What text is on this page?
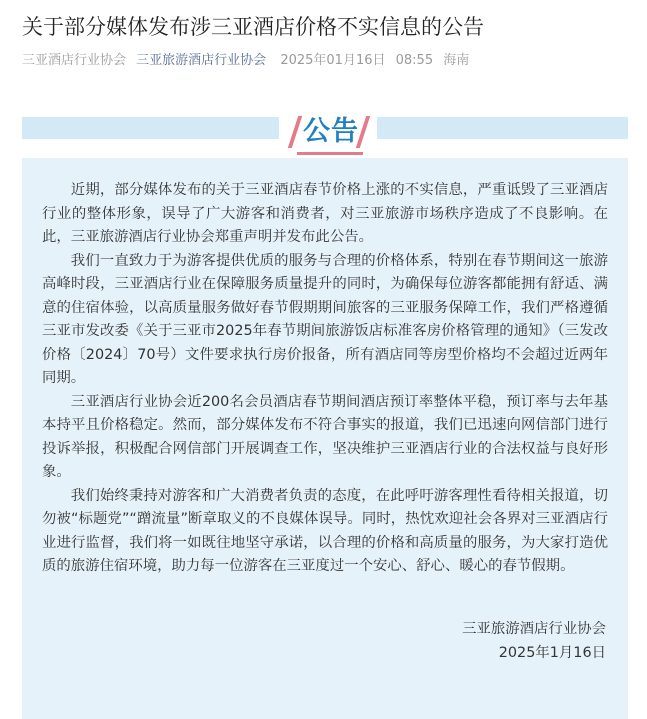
关于部分媒体发布涉三亚酒店价格不实信息的公告
三亚酒店行业协会 三亚旅游酒店行业协会 2025年01月16日 08:55 海南
公告

近期，部分媒体发布的关于三亚酒店春节价格上涨的不实信息，严重诋毁了三亚酒店行业的整体形象，误导了广大游客和消费者，对三亚旅游市场秩序造成了不良影响。在此，三亚旅游酒店行业协会郑重声明并发布此公告。

我们一直致力于为游客提供优质的服务与合理的价格体系，特别在春节期间这一旅游高峰时段，三亚酒店行业在保障服务质量提升的同时，为确保每位游客都能拥有舒适、满意的住宿体验，以高质量服务做好春节假期期间旅客的三亚服务保障工作，我们严格遵循三亚市发改委《关于三亚市2025年春节期间旅游饭店标准客房价格管理的通知》（三发改价格〔2024〕70号）文件要求执行房价报备，所有酒店同等房型价格均不会超过近两年同期。

三亚酒店行业协会近200名会员酒店春节期间酒店预订率整体平稳，预订率与去年基本持平且价格稳定。然而，部分媒体发布不符合事实的报道，我们已迅速向网信部门进行投诉举报，积极配合网信部门开展调查工作，坚决维护三亚酒店行业的合法权益与良好形象。

我们始终秉持对游客和广大消费者负责的态度，在此呼吁游客理性看待相关报道，切勿被“标题党”“蹭流量”断章取义的不良媒体误导。同时，热忱欢迎社会各界对三亚酒店行业进行监督，我们将一如既往地坚守承诺，以合理的价格和高质量的服务，为大家打造优质的旅游住宿环境，助力每一位游客在三亚度过一个安心、舒心、暖心的春节假期。

三亚旅游酒店行业协会
2025年1月16日
